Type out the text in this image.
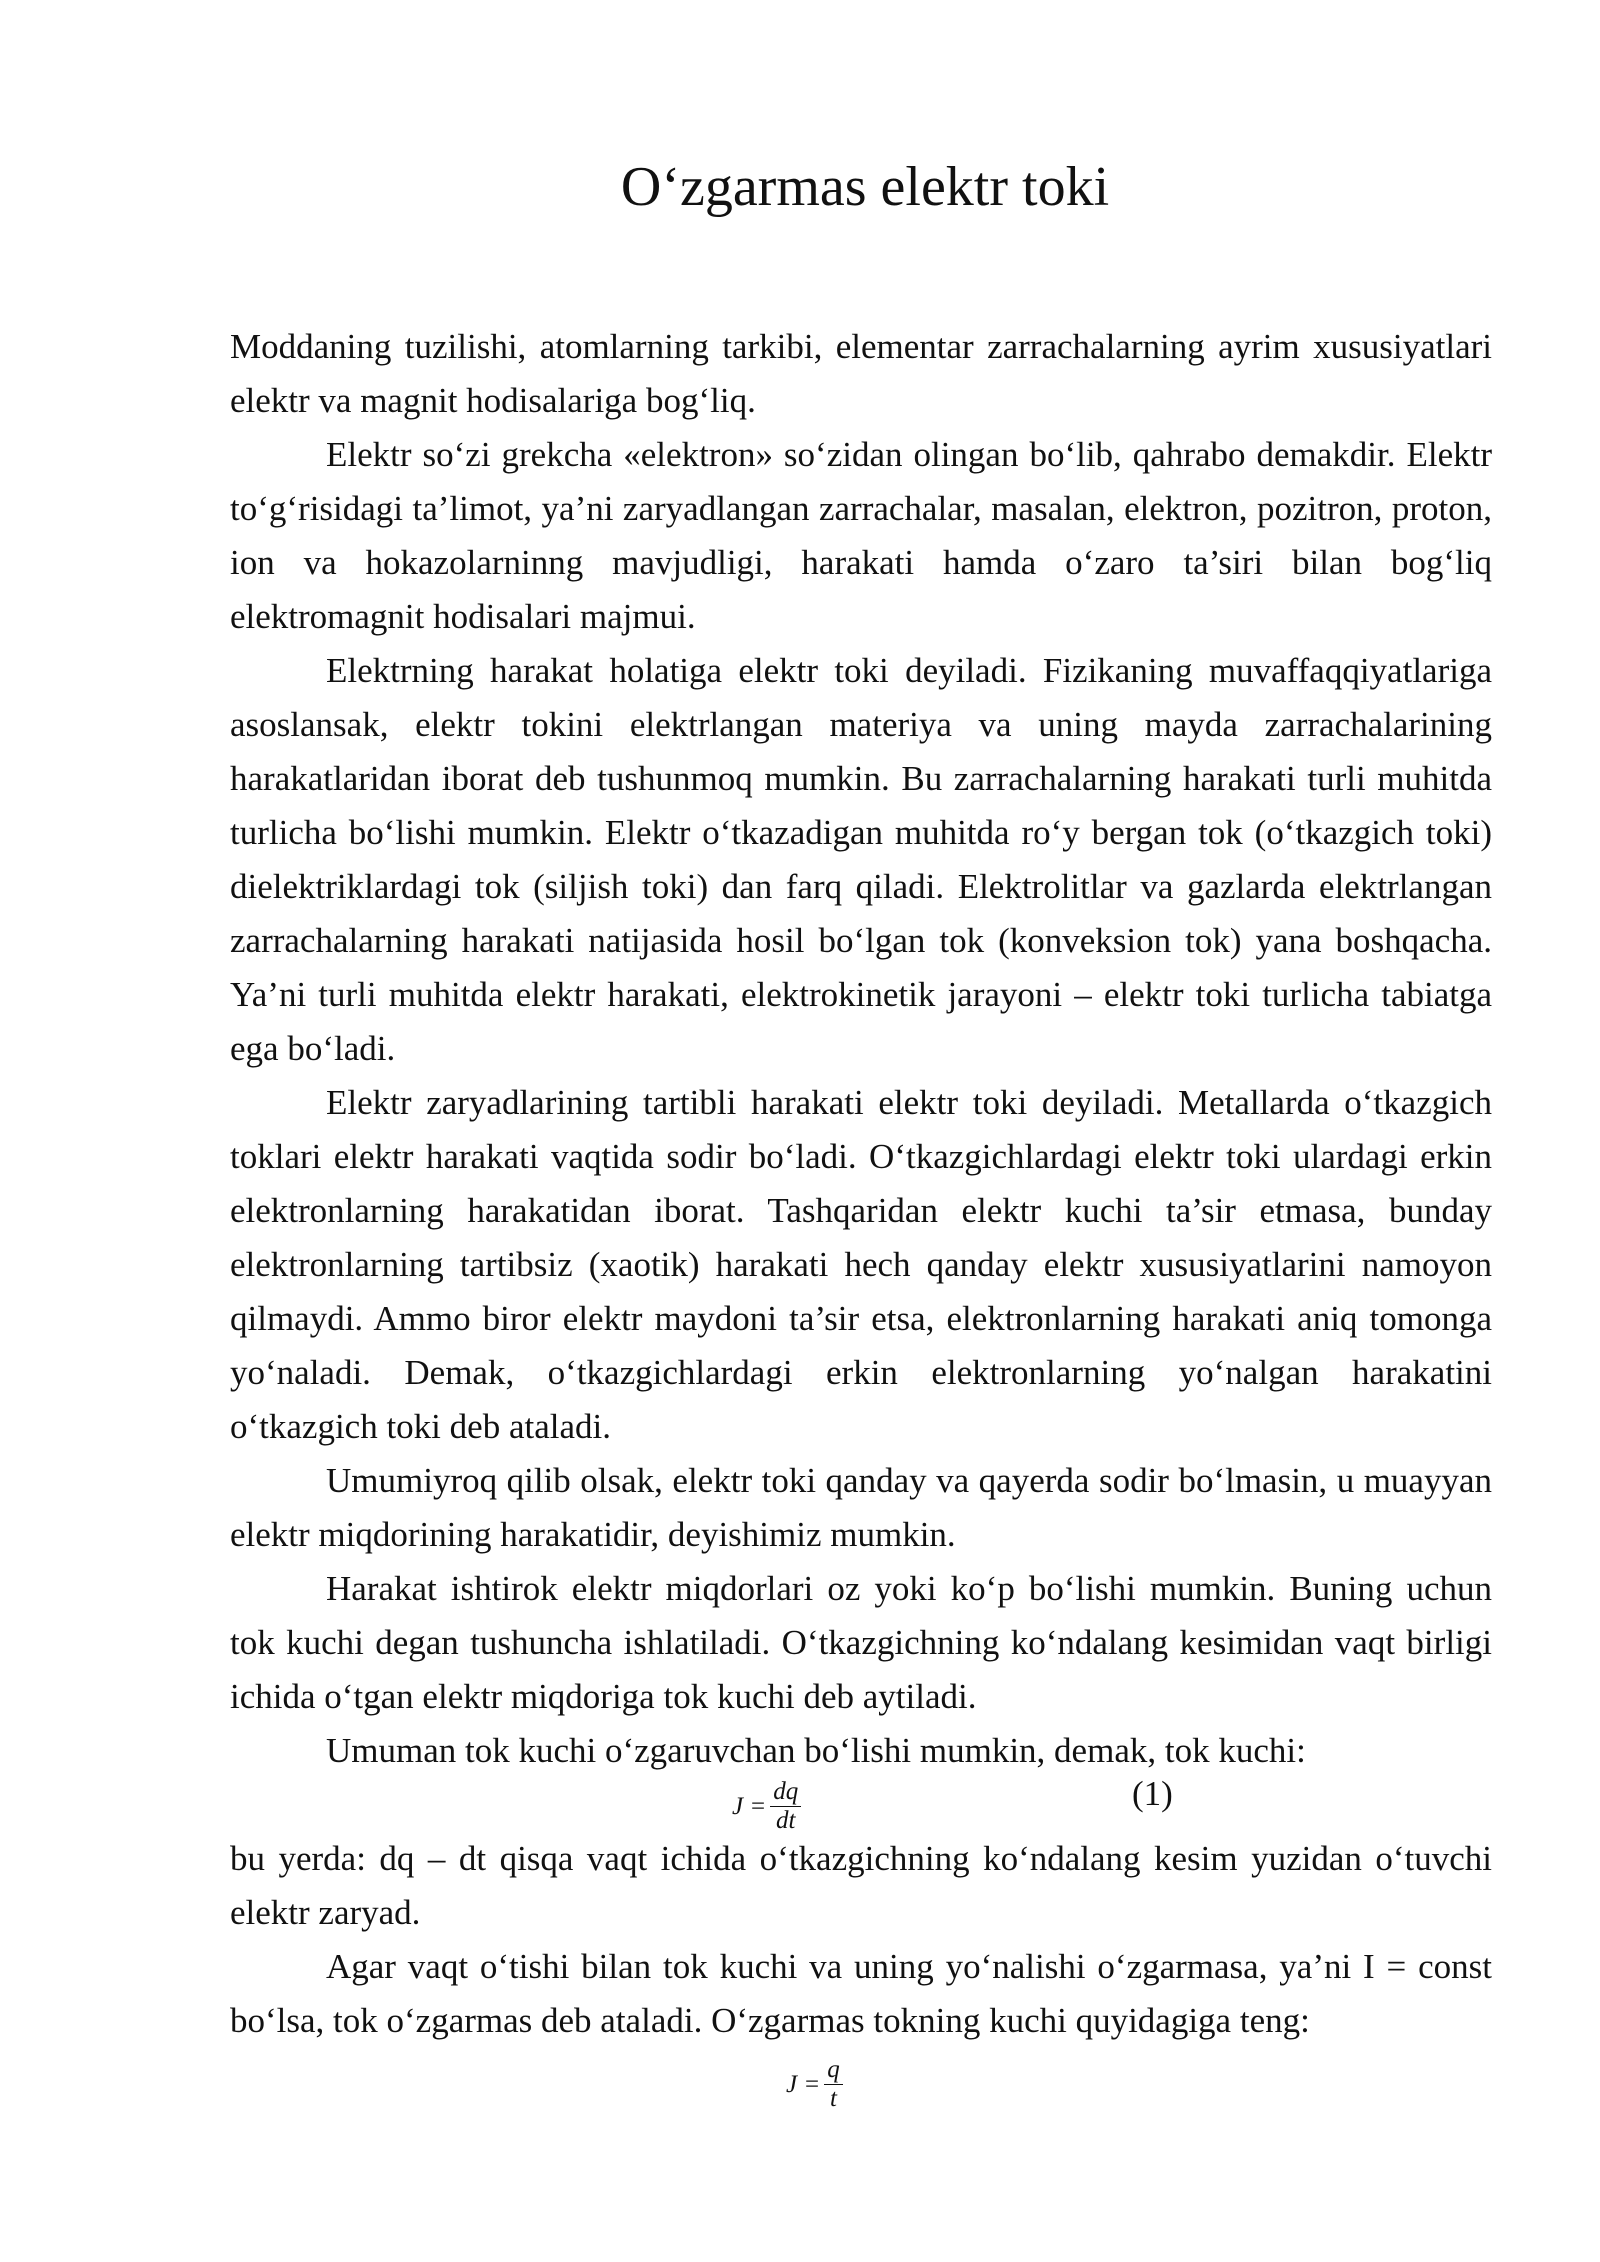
O‘zgarmas elektr toki

Moddaning tuzilishi, atomlarning tarkibi, elementar zarrachalarning ayrim xususiyatlari elektr va magnit hodisalariga bog‘liq.

Elektr so‘zi grekcha «elektron» so‘zidan olingan bo‘lib, qahrabo demakdir. Elektr to‘g‘risidagi ta’limot, ya’ni zaryadlangan zarrachalar, masalan, elektron, pozitron, proton, ion va hokazolarninng mavjudligi, harakati hamda o‘zaro ta’siri bilan bog‘liq elektromagnit hodisalari majmui.

Elektrning harakat holatiga elektr toki deyiladi. Fizikaning muvaffaqqiyatlariga asoslansak, elektr tokini elektrlangan materiya va uning mayda zarrachalarining harakatlaridan iborat deb tushunmoq mumkin. Bu zarrachalarning harakati turli muhitda turlicha bo‘lishi mumkin. Elektr o‘tkazadigan muhitda ro‘y bergan tok (o‘tkazgich toki) dielektriklardagi tok (siljish toki) dan farq qiladi. Elektrolitlar va gazlarda elektrlangan zarrachalarning harakati natijasida hosil bo‘lgan tok (konveksion tok) yana boshqacha. Ya’ni turli muhitda elektr harakati, elektrokinetik jarayoni – elektr toki turlicha tabiatga ega bo‘ladi.

Elektr zaryadlarining tartibli harakati elektr toki deyiladi. Metallarda o‘tkazgich toklari elektr harakati vaqtida sodir bo‘ladi. O‘tkazgichlardagi elektr toki ulardagi erkin elektronlarning harakatidan iborat. Tashqaridan elektr kuchi ta’sir etmasa, bunday elektronlarning tartibsiz (xaotik) harakati hech qanday elektr xususiyatlarini namoyon qilmaydi. Ammo biror elektr maydoni ta’sir etsa, elektronlarning harakati aniq tomonga yo‘naladi. Demak, o‘tkazgichlardagi erkin elektronlarning yo‘nalgan harakatini o‘tkazgich toki deb ataladi.

Umumiyroq qilib olsak, elektr toki qanday va qayerda sodir bo‘lmasin, u muayyan elektr miqdorining harakatidir, deyishimiz mumkin.

Harakat ishtirok elektr miqdorlari oz yoki ko‘p bo‘lishi mumkin. Buning uchun tok kuchi degan tushuncha ishlatiladi. O‘tkazgichning ko‘ndalang kesimidan vaqt birligi ichida o‘tgan elektr miqdoriga tok kuchi deb aytiladi.

Umuman tok kuchi o‘zgaruvchan bo‘lishi mumkin, demak, tok kuchi:

$J = \frac{dq}{dt}$	(1)

bu yerda: dq – dt qisqa vaqt ichida o‘tkazgichning ko‘ndalang kesim yuzidan o‘tuvchi elektr zaryad.

Agar vaqt o‘tishi bilan tok kuchi va uning yo‘nalishi o‘zgarmasa, ya’ni I = const bo‘lsa, tok o‘zgarmas deb ataladi. O‘zgarmas tokning kuchi quyidagiga teng:

$J = \frac{q}{t}$
